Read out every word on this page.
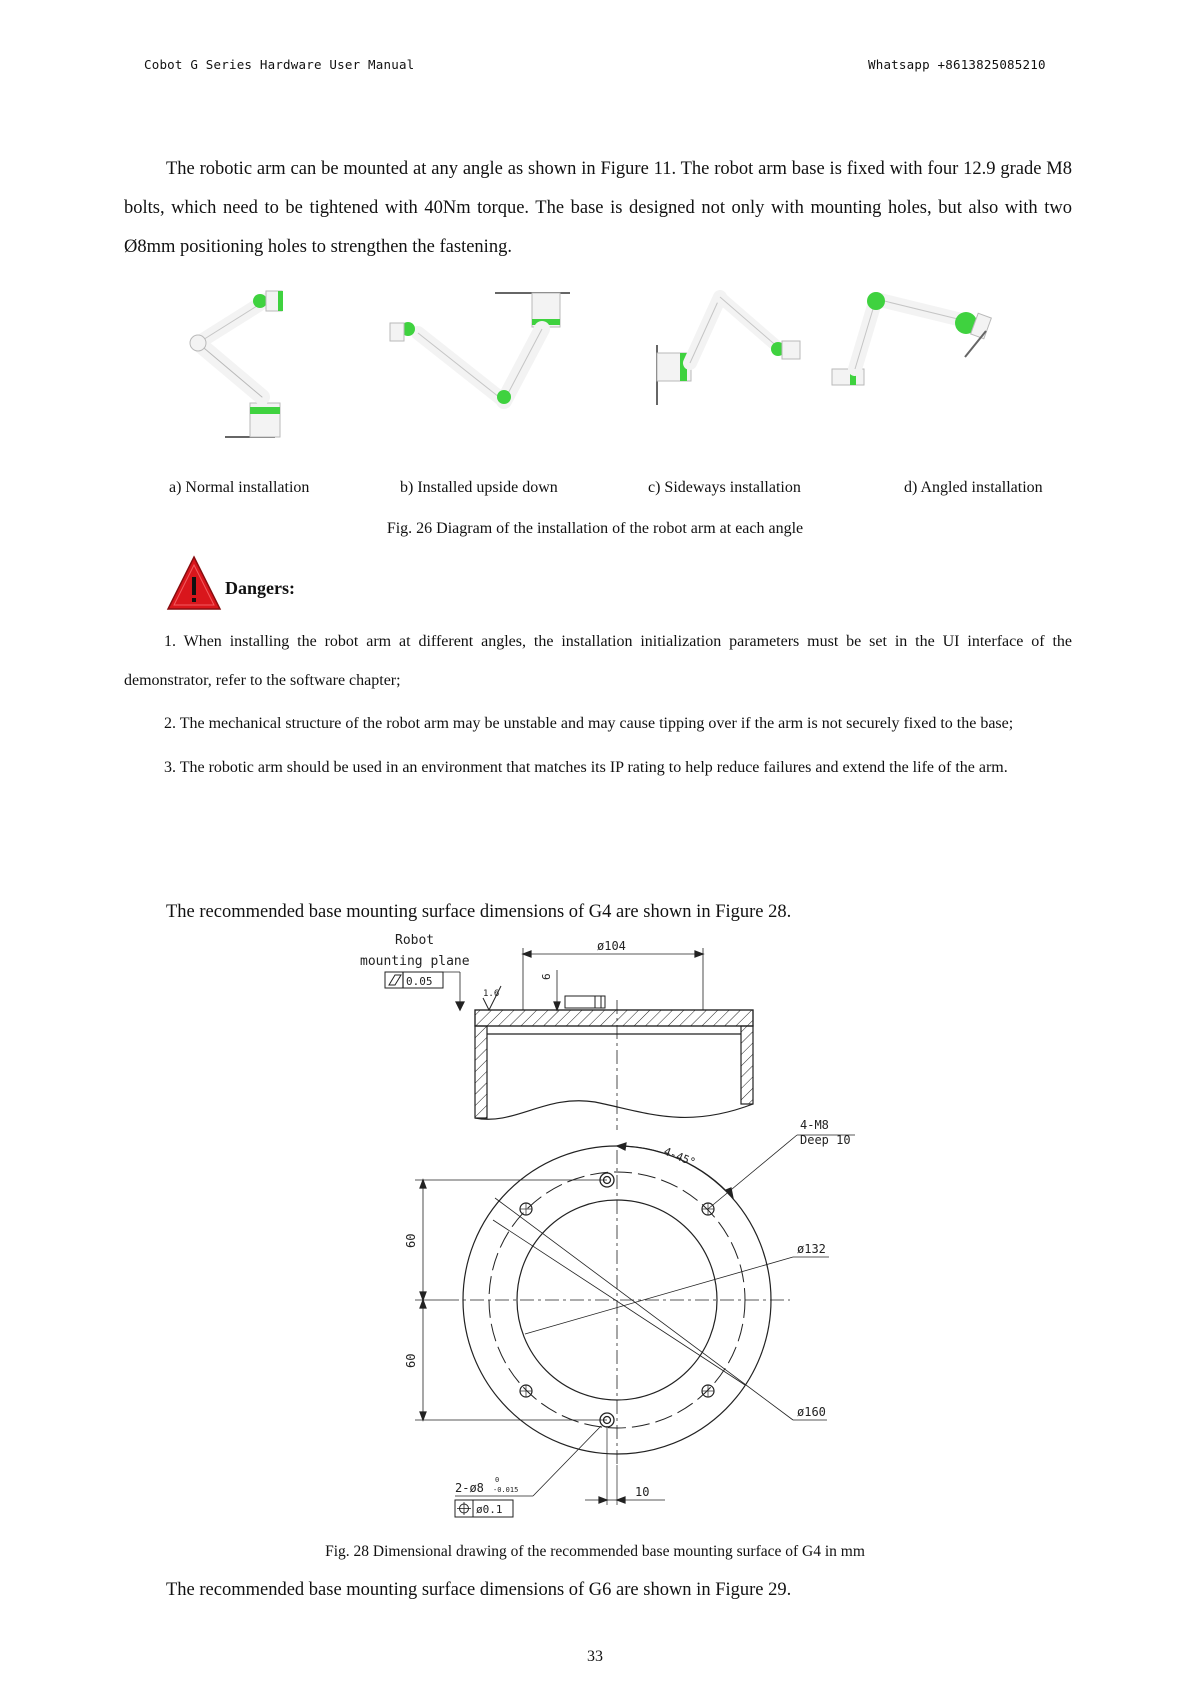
Cobot G Series Hardware User Manual	Whatsapp +8613825085210

The robotic arm can be mounted at any angle as shown in Figure 11. The robot arm base is fixed with four 12.9 grade M8 bolts, which need to be tightened with 40Nm torque. The base is designed not only with mounting holes, but also with two Ø8mm positioning holes to strengthen the fastening.

a) Normal installation	b) Installed upside down	c) Sideways installation	d) Angled installation
Fig. 26 Diagram of the installation of the robot arm at each angle
Dangers:

1. When installing the robot arm at different angles, the installation initialization parameters must be set in the UI interface of the demonstrator, refer to the software chapter;

2. The mechanical structure of the robot arm may be unstable and may cause tipping over if the arm is not securely fixed to the base;

3. The robotic arm should be used in an environment that matches its IP rating to help reduce failures and extend the life of the arm.

The recommended base mounting surface dimensions of G4 are shown in Figure 28.
Robot
mounting plane
0.05
ø104
6
1.6
4-45°
4-M8
Deep 10
ø132
ø160
60
60
10
2-ø8
0
-0.015
ø0.1
Fig. 28 Dimensional drawing of the recommended base mounting surface of G4 in mm
The recommended base mounting surface dimensions of G6 are shown in Figure 29.
33
